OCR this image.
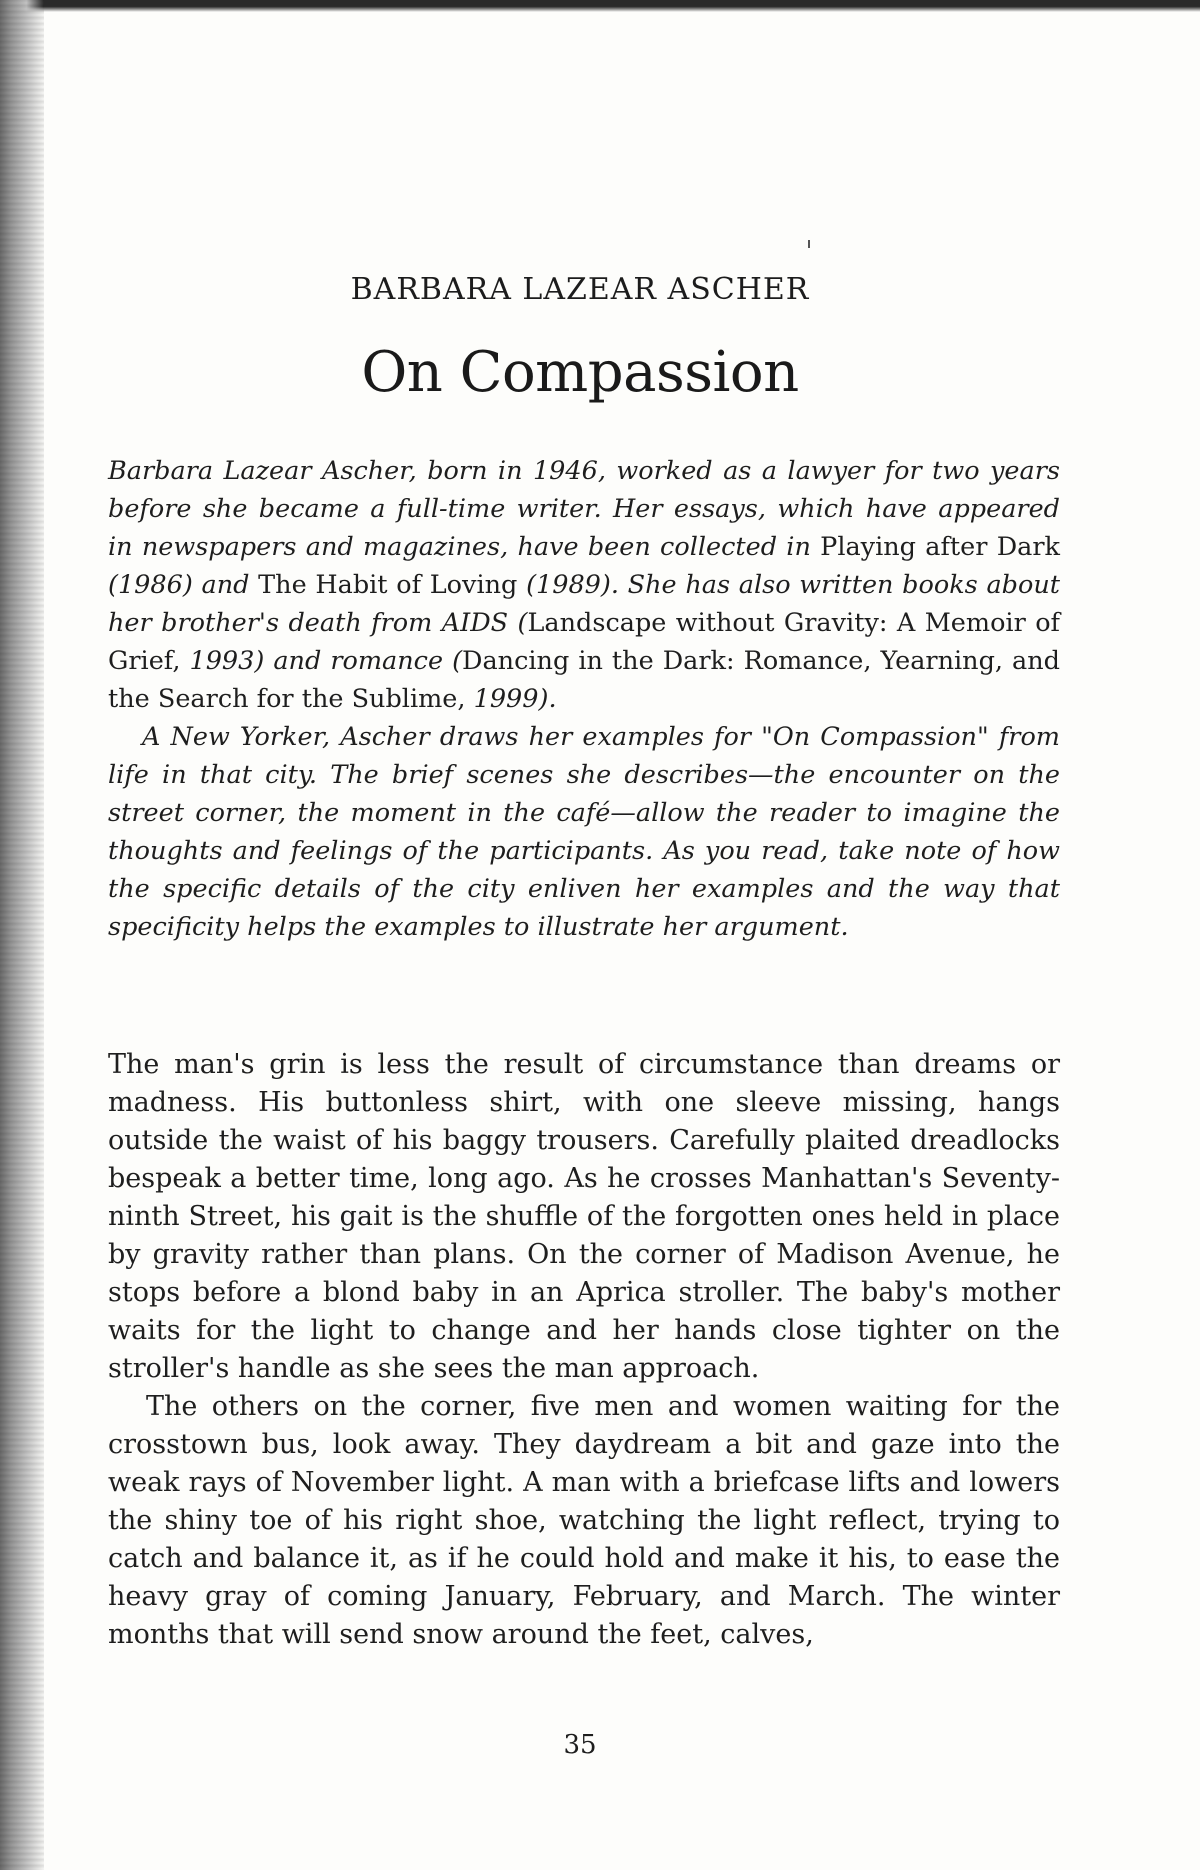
BARBARA LAZEAR ASCHER
On Compassion

Barbara Lazear Ascher, born in 1946, worked as a lawyer for two years before she became a full-time writer. Her essays, which have appeared in newspapers and magazines, have been collected in Playing after Dark (1986) and The Habit of Loving (1989). She has also written books about her brother's death from AIDS (Landscape without Gravity: A Memoir of Grief, 1993) and romance (Dancing in the Dark: Romance, Yearning, and the Search for the Sublime, 1999).

A New Yorker, Ascher draws her examples for "On Compassion" from life in that city. The brief scenes she describes—the encounter on the street corner, the moment in the café—allow the reader to imagine the thoughts and feelings of the participants. As you read, take note of how the specific details of the city enliven her examples and the way that specificity helps the examples to illustrate her argument.

The man's grin is less the result of circumstance than dreams or madness. His buttonless shirt, with one sleeve missing, hangs outside the waist of his baggy trousers. Carefully plaited dreadlocks bespeak a better time, long ago. As he crosses Manhattan's Seventy-ninth Street, his gait is the shuffle of the forgotten ones held in place by gravity rather than plans. On the corner of Madison Avenue, he stops before a blond baby in an Aprica stroller. The baby's mother waits for the light to change and her hands close tighter on the stroller's handle as she sees the man approach.

The others on the corner, five men and women waiting for the crosstown bus, look away. They daydream a bit and gaze into the weak rays of November light. A man with a briefcase lifts and lowers the shiny toe of his right shoe, watching the light reflect, trying to catch and balance it, as if he could hold and make it his, to ease the heavy gray of coming January, February, and March. The winter months that will send snow around the feet, calves,

35
